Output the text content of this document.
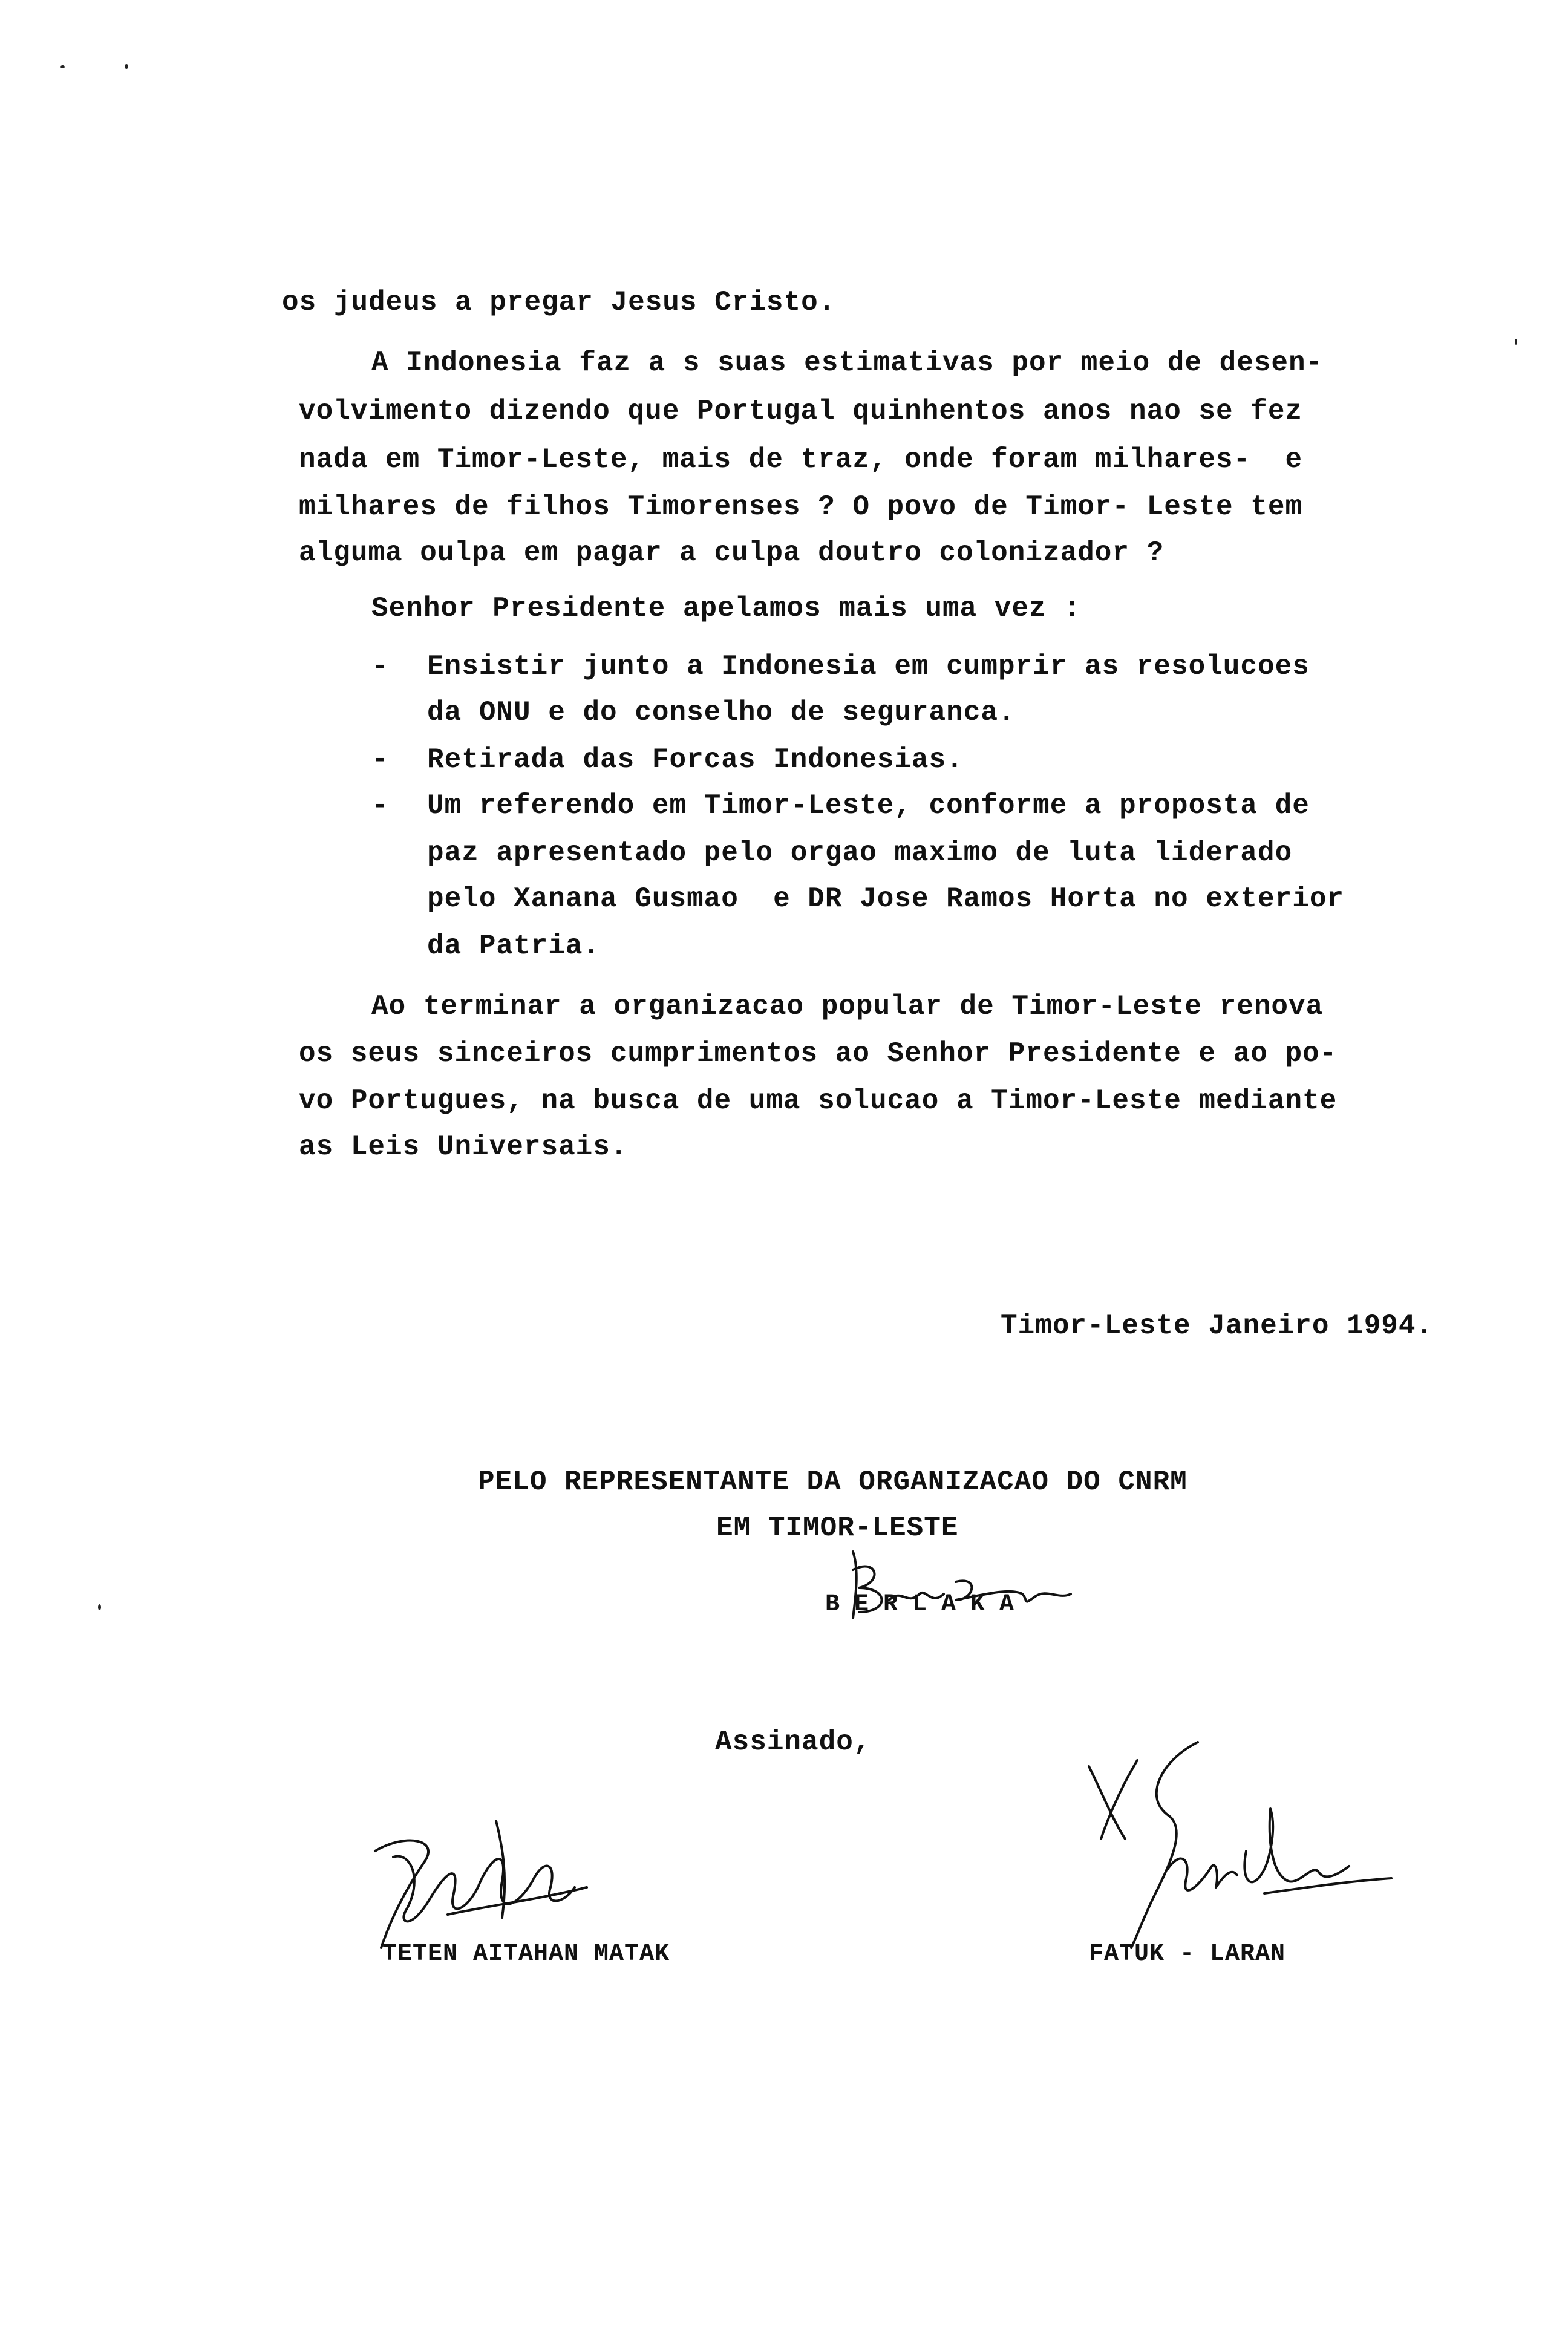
os judeus a pregar Jesus Cristo.
A Indonesia faz a s suas estimativas por meio de desen-
volvimento dizendo que Portugal quinhentos anos nao se fez
nada em Timor-Leste, mais de traz, onde foram milhares-  e
milhares de filhos Timorenses ? O povo de Timor- Leste tem
alguma oulpa em pagar a culpa doutro colonizador ?
Senhor Presidente apelamos mais uma vez :
- Ensistir junto a Indonesia em cumprir as resolucoes
da ONU e do conselho de seguranca.
- Retirada das Forcas Indonesias.
- Um referendo em Timor-Leste, conforme a proposta de
paz apresentado pelo orgao maximo de luta liderado
pelo Xanana Gusmao  e DR Jose Ramos Horta no exterior
da Patria.
Ao terminar a organizacao popular de Timor-Leste renova
os seus sinceiros cumprimentos ao Senhor Presidente e ao po-
vo Portugues, na busca de uma solucao a Timor-Leste mediante
as Leis Universais.
Timor-Leste Janeiro 1994.
PELO REPRESENTANTE DA ORGANIZACAO DO CNRM
EM TIMOR-LESTE
Assinado,
TETEN AITAHAN MATAK	FATUK - LARAN
BERLAKA
